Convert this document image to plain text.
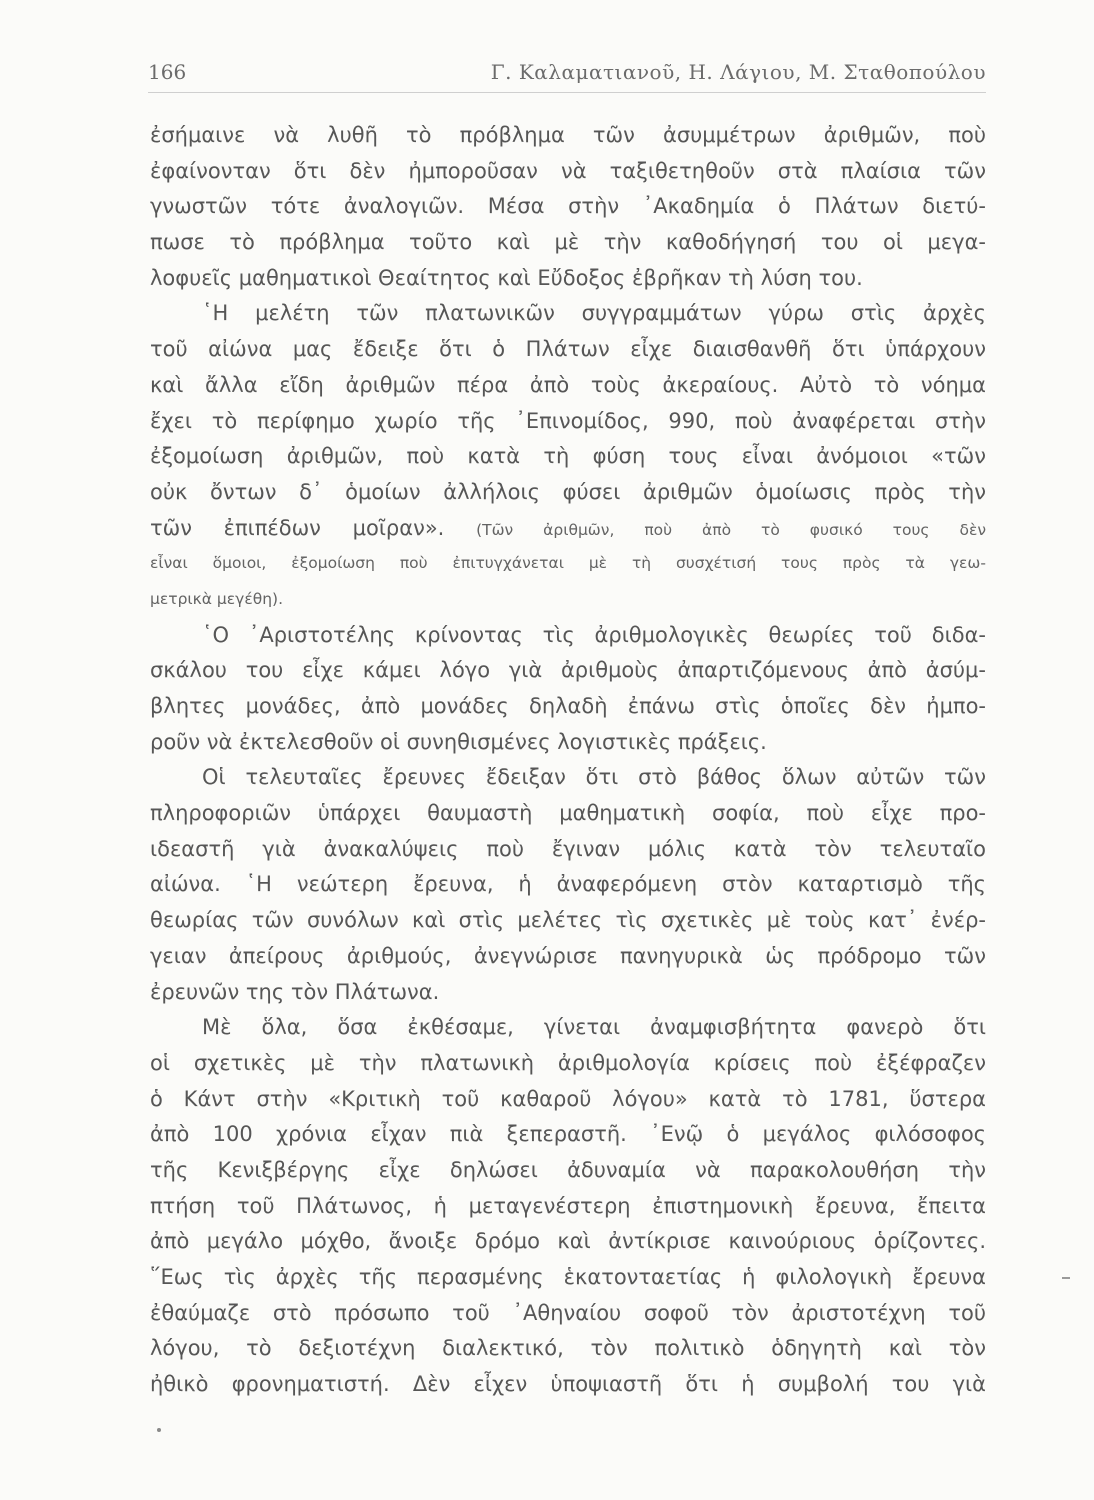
166	Γ. Καλαματιανοῦ, Η. Λάγιου, Μ. Σταθοπούλου
ἐσήμαινε νὰ λυθῆ τὸ πρόβλημα τῶν ἀσυμμέτρων ἀριθμῶν, ποὺ
ἐφαίνονταν ὅτι δὲν ἠμποροῦσαν νὰ ταξιθετηθοῦν στὰ πλαίσια τῶν
γνωστῶν τότε ἀναλογιῶν. Μέσα στὴν ᾿Ακαδημία ὁ Πλάτων διετύ-
πωσε τὸ πρόβλημα τοῦτο καὶ μὲ τὴν καθοδήγησή του οἱ μεγα-
λοφυεῖς μαθηματικοὶ Θεαίτητος καὶ Εὔδοξος ἐβρῆκαν τὴ λύση του.
῾Η μελέτη τῶν πλατωνικῶν συγγραμμάτων γύρω στὶς ἀρχὲς
τοῦ αἰώνα μας ἔδειξε ὅτι ὁ Πλάτων εἶχε διαισθανθῆ ὅτι ὑπάρχουν
καὶ ἄλλα εἴδη ἀριθμῶν πέρα ἀπὸ τοὺς ἀκεραίους. Αὐτὸ τὸ νόημα
ἔχει τὸ περίφημο χωρίο τῆς ᾿Επινομίδος, 990, ποὺ ἀναφέρεται στὴν
ἐξομοίωση ἀριθμῶν, ποὺ κατὰ τὴ φύση τους εἶναι ἀνόμοιοι «τῶν
οὐκ ὄντων δ᾿ ὁμοίων ἀλλήλοις φύσει ἀριθμῶν ὁμοίωσις πρὸς τὴν
τῶν ἐπιπέδων μοῖραν». (Τῶν ἀριθμῶν, ποὺ ἀπὸ τὸ φυσικό τους δὲν
εἶναι ὅμοιοι, ἐξομοίωση ποὺ ἐπιτυγχάνεται μὲ τὴ συσχέτισή τους πρὸς τὰ γεω-
μετρικὰ μεγέθη).
῾Ο ᾿Αριστοτέλης κρίνοντας τὶς ἀριθμολογικὲς θεωρίες τοῦ διδα-
σκάλου του εἶχε κάμει λόγο γιὰ ἀριθμοὺς ἀπαρτιζόμενους ἀπὸ ἀσύμ-
βλητες μονάδες, ἀπὸ μονάδες δηλαδὴ ἐπάνω στὶς ὁποῖες δὲν ἠμπο-
ροῦν νὰ ἐκτελεσθοῦν οἱ συνηθισμένες λογιστικὲς πράξεις.
Οἱ τελευταῖες ἔρευνες ἔδειξαν ὅτι στὸ βάθος ὅλων αὐτῶν τῶν
πληροφοριῶν ὑπάρχει θαυμαστὴ μαθηματικὴ σοφία, ποὺ εἶχε προ-
ιδεαστῆ γιὰ ἀνακαλύψεις ποὺ ἔγιναν μόλις κατὰ τὸν τελευταῖο
αἰώνα. ῾Η νεώτερη ἔρευνα, ἡ ἀναφερόμενη στὸν καταρτισμὸ τῆς
θεωρίας τῶν συνόλων καὶ στὶς μελέτες τὶς σχετικὲς μὲ τοὺς κατ᾿ ἐνέρ-
γειαν ἀπείρους ἀριθμούς, ἀνεγνώρισε πανηγυρικὰ ὡς πρόδρομο τῶν
ἐρευνῶν της τὸν Πλάτωνα.
Μὲ ὅλα, ὅσα ἐκθέσαμε, γίνεται ἀναμφισβήτητα φανερὸ ὅτι
οἱ σχετικὲς μὲ τὴν πλατωνικὴ ἀριθμολογία κρίσεις ποὺ ἐξέφραζεν
ὁ Κάντ στὴν «Κριτικὴ τοῦ καθαροῦ λόγου» κατὰ τὸ 1781, ὕστερα
ἀπὸ 100 χρόνια εἶχαν πιὰ ξεπεραστῆ. ᾿Ενῷ ὁ μεγάλος φιλόσοφος
τῆς Κενιξβέργης εἶχε δηλώσει ἀδυναμία νὰ παρακολουθήση τὴν
πτήση τοῦ Πλάτωνος, ἡ μεταγενέστερη ἐπιστημονικὴ ἔρευνα, ἔπειτα
ἀπὸ μεγάλο μόχθο, ἄνοιξε δρόμο καὶ ἀντίκρισε καινούριους ὁρίζοντες.
῞Εως τὶς ἀρχὲς τῆς περασμένης ἑκατονταετίας ἡ φιλολογικὴ ἔρευνα
ἐθαύμαζε στὸ πρόσωπο τοῦ ᾿Αθηναίου σοφοῦ τὸν ἀριστοτέχνη τοῦ
λόγου, τὸ δεξιοτέχνη διαλεκτικό, τὸν πολιτικὸ ὁδηγητὴ καὶ τὸν
ἠθικὸ φρονηματιστή. Δὲν εἶχεν ὑποψιαστῆ ὅτι ἡ συμβολή του γιὰ
